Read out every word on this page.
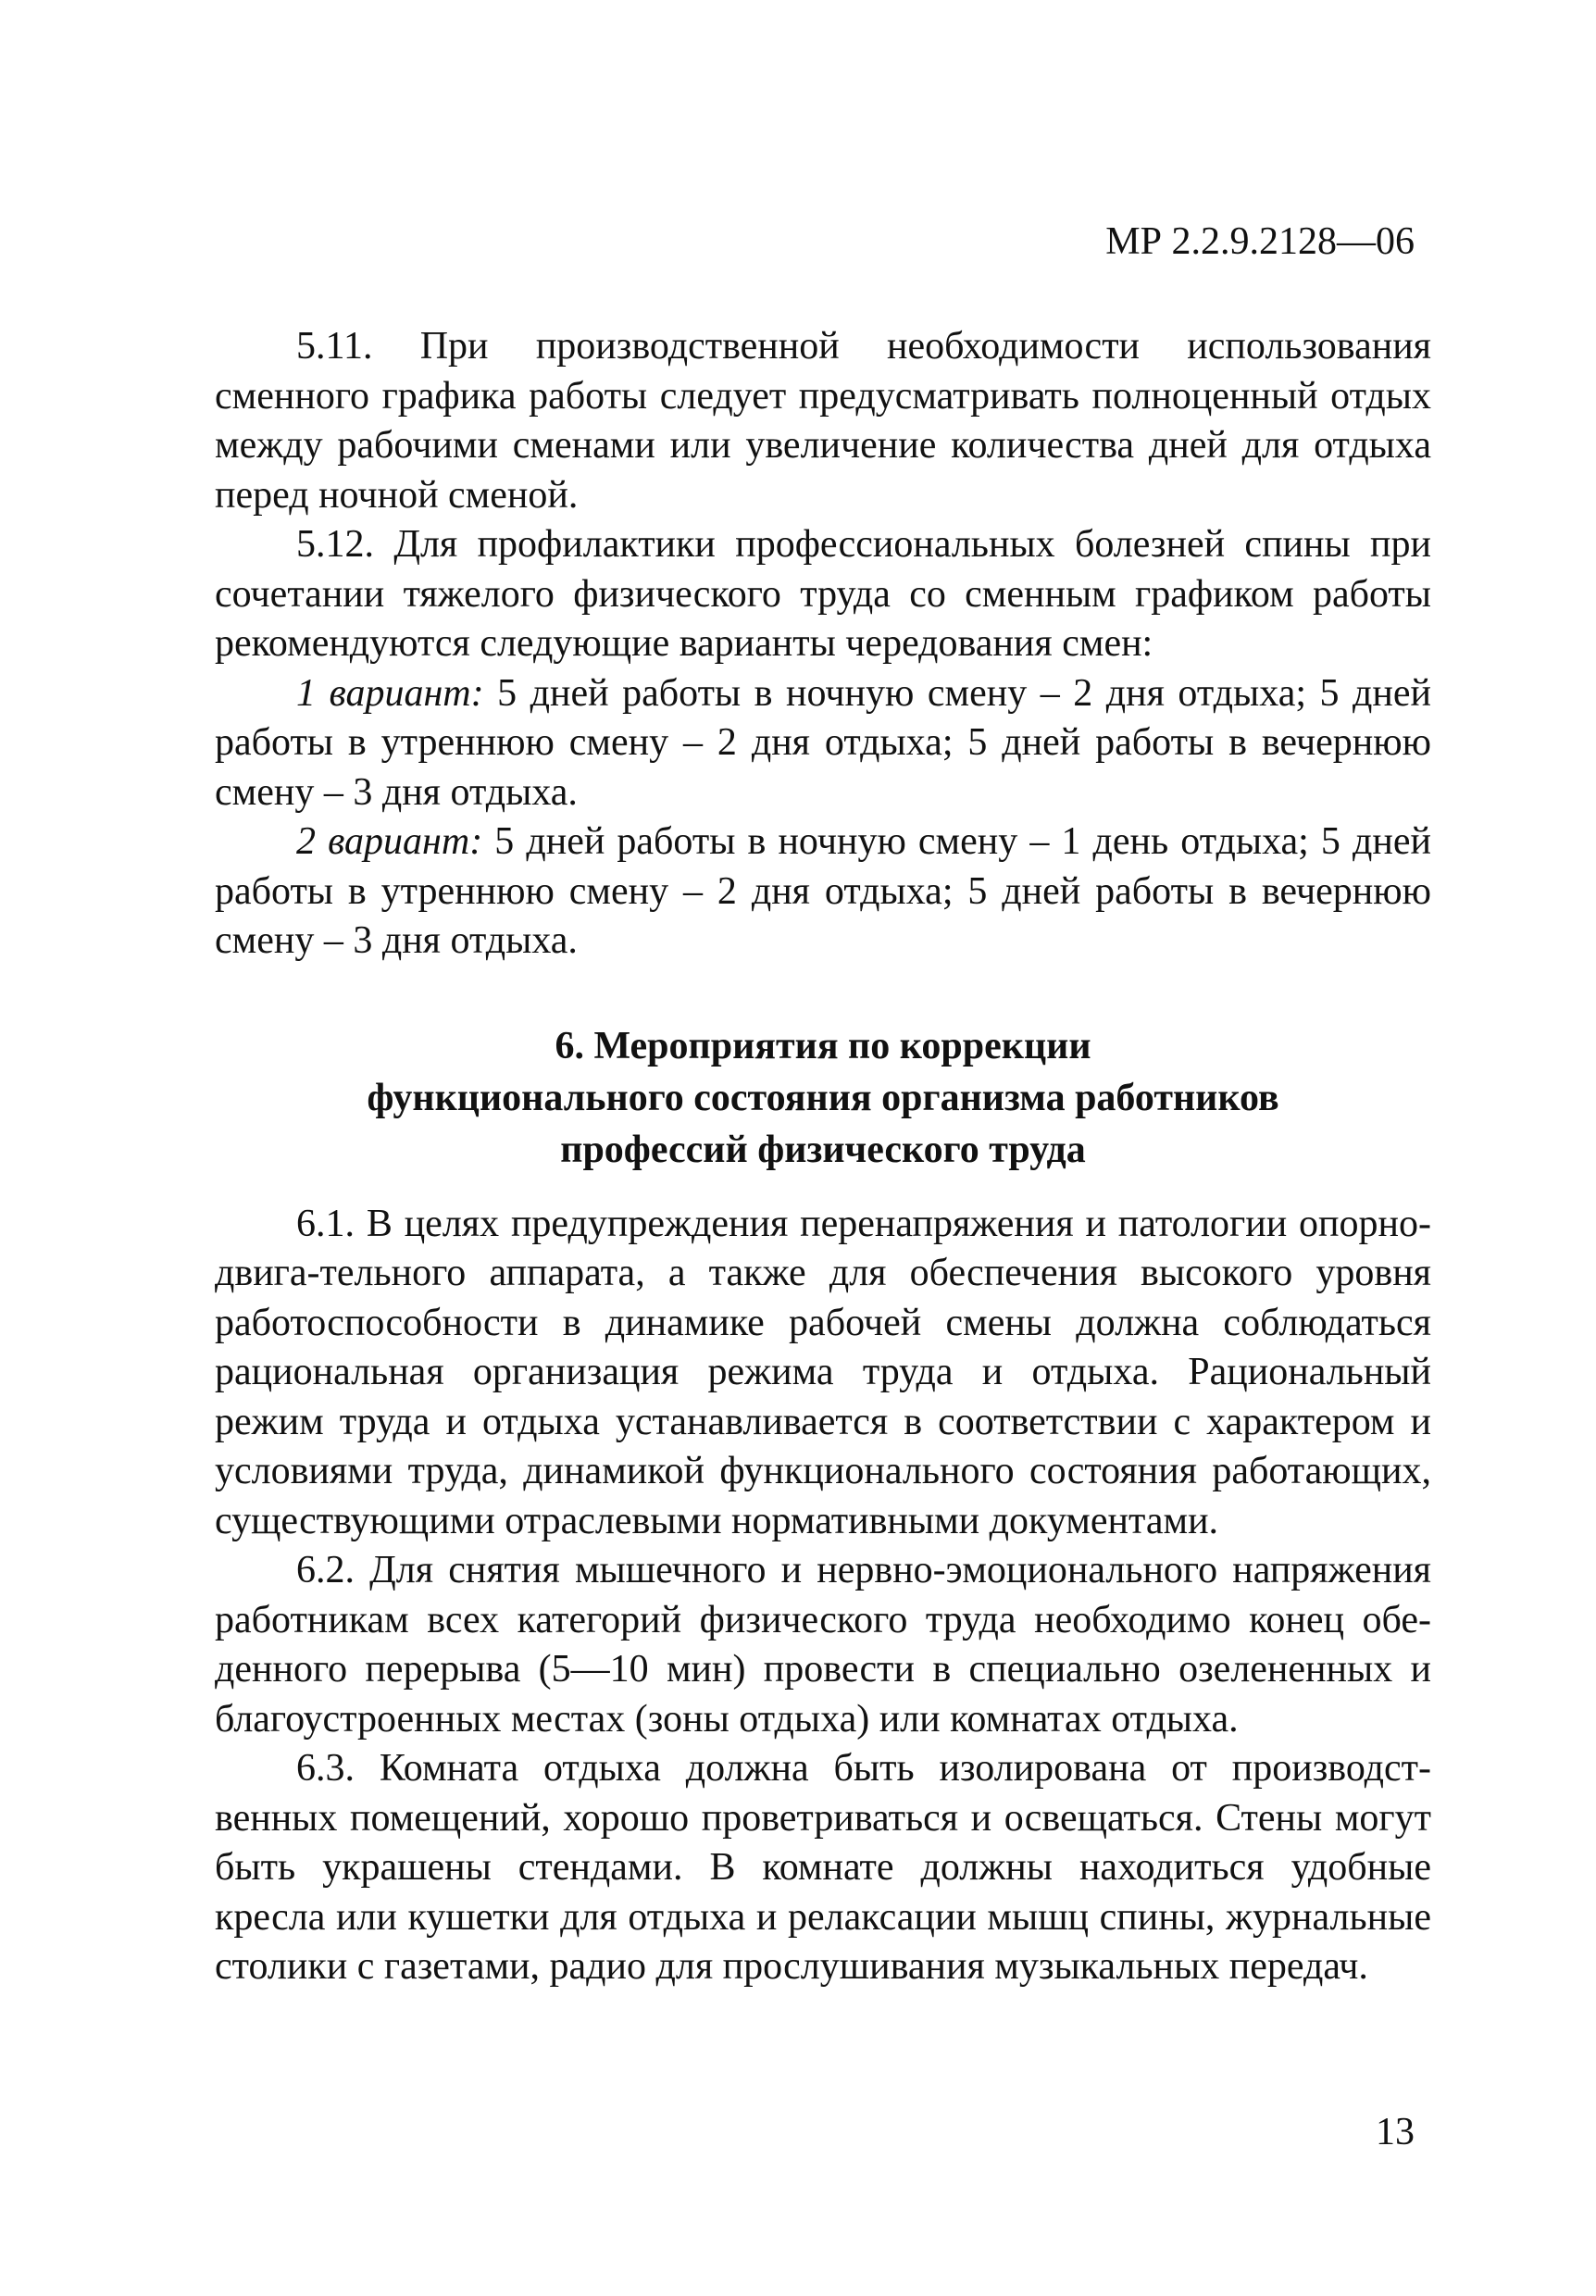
МР 2.2.9.2128—06

5.11. При производственной необходимости использования сменного графика работы следует предусматривать полноценный отдых между рабочими сменами или увеличение количества дней для отдыха перед ночной сменой.

5.12. Для профилактики профессиональных болезней спины при сочетании тяжелого физического труда со сменным графиком работы рекомендуются следующие варианты чередования смен:

1 вариант: 5 дней работы в ночную смену – 2 дня отдыха; 5 дней работы в утреннюю смену – 2 дня отдыха; 5 дней работы в вечернюю смену – 3 дня отдыха.

2 вариант: 5 дней работы в ночную смену – 1 день отдыха; 5 дней работы в утреннюю смену – 2 дня отдыха; 5 дней работы в вечернюю смену – 3 дня отдыха.

6. Мероприятия по коррекции
функционального состояния организма работников
профессий физического труда

6.1. В целях предупреждения перенапряжения и патологии опорно-двига-тельного аппарата, а также для обеспечения высокого уровня работоспособности в динамике рабочей смены должна соблюдаться рациональная организация режима труда и отдыха. Рациональный режим труда и отдыха устанавливается в соответствии с характером и условиями труда, динамикой функционального состояния работающих, существующими отраслевыми нормативными документами.

6.2. Для снятия мышечного и нервно-эмоционального напряжения работникам всех категорий физического труда необходимо конец обеденного перерыва (5—10 мин) провести в специально озелененных и благоустроенных местах (зоны отдыха) или комнатах отдыха.

6.3. Комната отдыха должна быть изолирована от производственных помещений, хорошо проветриваться и освещаться. Стены могут быть украшены стендами. В комнате должны находиться удобные кресла или кушетки для отдыха и релаксации мышц спины, журнальные столики с газетами, радио для прослушивания музыкальных передач.

13
